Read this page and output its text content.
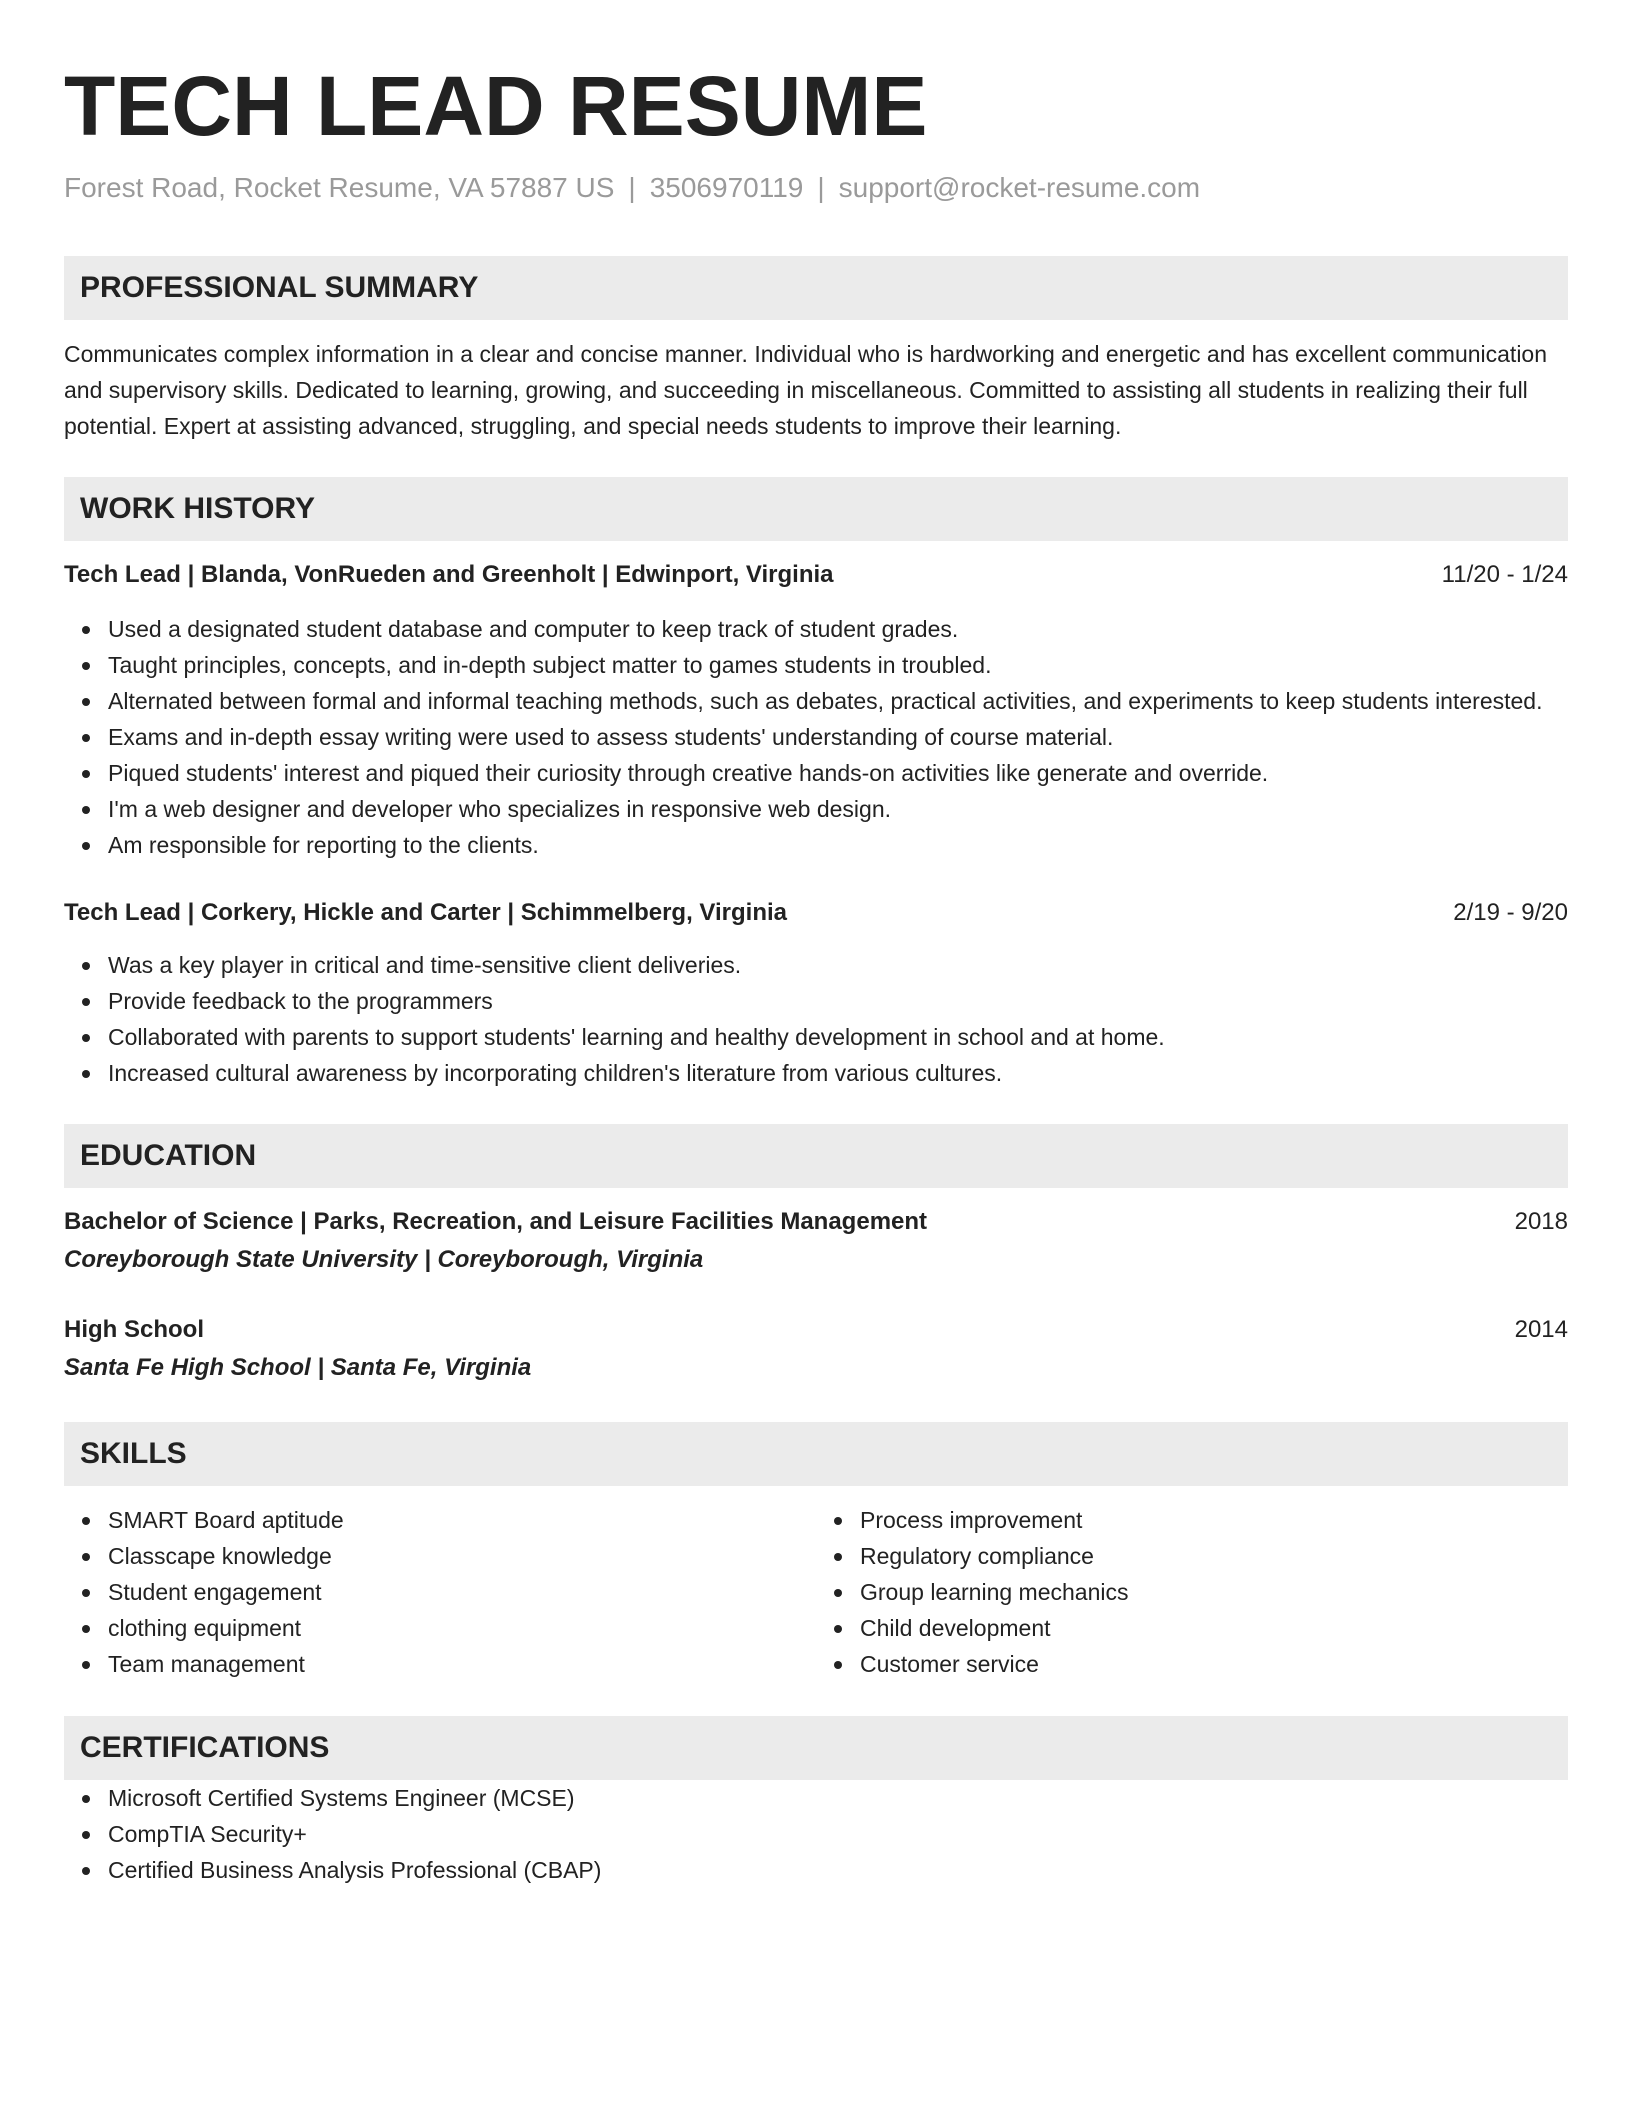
TECH LEAD RESUME
Forest Road, Rocket Resume, VA 57887 US | 3506970119 | support@rocket-resume.com
PROFESSIONAL SUMMARY
Communicates complex information in a clear and concise manner. Individual who is hardworking and energetic and has excellent communication and supervisory skills. Dedicated to learning, growing, and succeeding in miscellaneous. Committed to assisting all students in realizing their full potential. Expert at assisting advanced, struggling, and special needs students to improve their learning.
WORK HISTORY
Tech Lead | Blanda, VonRueden and Greenholt | Edwinport, Virginia	11/20 - 1/24
Used a designated student database and computer to keep track of student grades.
Taught principles, concepts, and in-depth subject matter to games students in troubled.
Alternated between formal and informal teaching methods, such as debates, practical activities, and experiments to keep students interested.
Exams and in-depth essay writing were used to assess students' understanding of course material.
Piqued students' interest and piqued their curiosity through creative hands-on activities like generate and override.
I'm a web designer and developer who specializes in responsive web design.
Am responsible for reporting to the clients.
Tech Lead | Corkery, Hickle and Carter | Schimmelberg, Virginia	2/19 - 9/20
Was a key player in critical and time-sensitive client deliveries.
Provide feedback to the programmers
Collaborated with parents to support students' learning and healthy development in school and at home.
Increased cultural awareness by incorporating children's literature from various cultures.
EDUCATION
Bachelor of Science | Parks, Recreation, and Leisure Facilities Management	2018
Coreyborough State University | Coreyborough, Virginia
High School	2014
Santa Fe High School | Santa Fe, Virginia
SKILLS
SMART Board aptitude
Classcape knowledge
Student engagement
clothing equipment
Team management
Process improvement
Regulatory compliance
Group learning mechanics
Child development
Customer service
CERTIFICATIONS
Microsoft Certified Systems Engineer (MCSE)
CompTIA Security+
Certified Business Analysis Professional (CBAP)
